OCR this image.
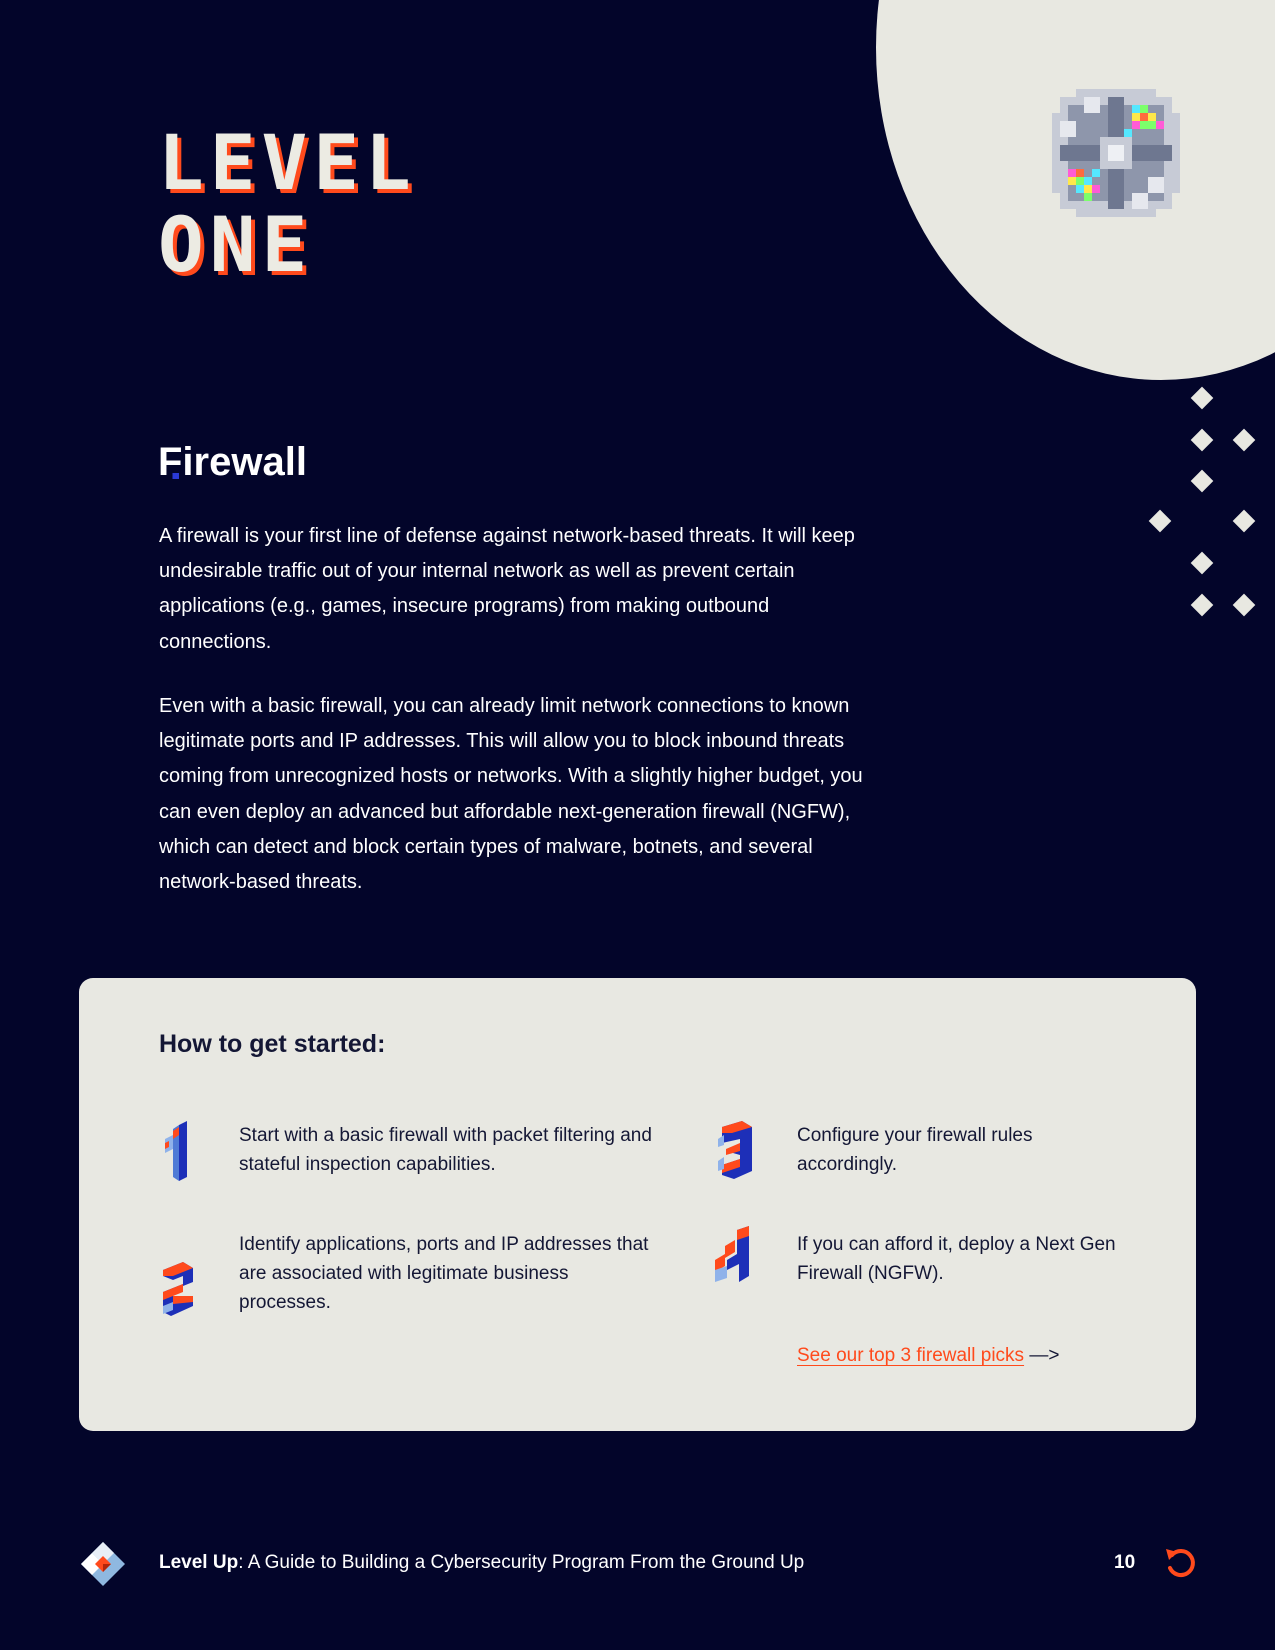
LEVEL
ONE
Firewall

A firewall is your first line of defense against network-based threats. It will keep undesirable traffic out of your internal network as well as prevent certain applications (e.g., games, insecure programs) from making outbound connections.

Even with a basic firewall, you can already limit network connections to known legitimate ports and IP addresses. This will allow you to block inbound threats coming from unrecognized hosts or networks. With a slightly higher budget, you can even deploy an advanced but affordable next-generation firewall (NGFW), which can detect and block certain types of malware, botnets, and several network-based threats.

How to get started:

Start with a basic firewall with packet filtering and stateful inspection capabilities.

Identify applications, ports and IP addresses that are associated with legitimate business processes.

Configure your firewall rules accordingly.

If you can afford it, deploy a Next Gen Firewall (NGFW).

See our top 3 firewall picks —>

Level Up: A Guide to Building a Cybersecurity Program From the Ground Up	10
